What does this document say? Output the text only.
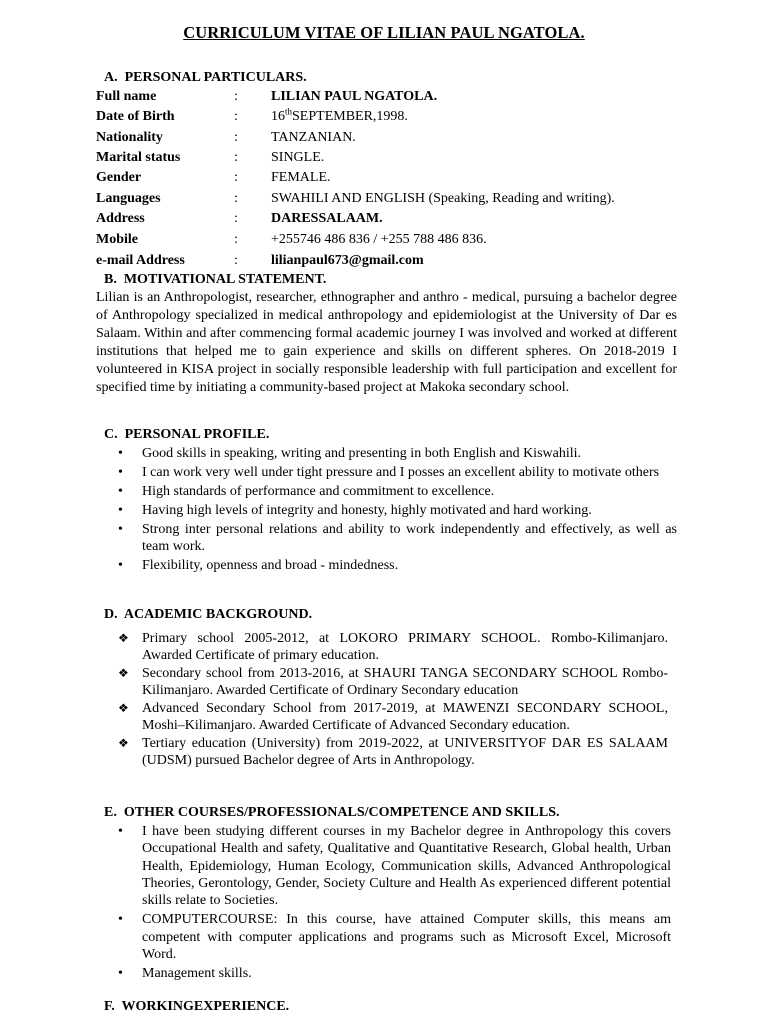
CURRICULUM VITAE OF LILIAN PAUL NGATOLA.
A. PERSONAL PARTICULARS.
Full name	: LILIAN PAUL NGATOLA.
Date of Birth	: 16thSEPTEMBER,1998.
Nationality	: TANZANIAN.
Marital status	: SINGLE.
Gender	: FEMALE.
Languages	: SWAHILI AND ENGLISH (Speaking, Reading and writing).
Address	: DARESSALAAM.
Mobile	: +255746 486 836 / +255 788 486 836.
e-mail Address	: lilianpaul673@gmail.com
B. MOTIVATIONAL STATEMENT.
Lilian is an Anthropologist, researcher, ethnographer and anthro - medical, pursuing a bachelor degree of Anthropology specialized in medical anthropology and epidemiologist at the University of Dar es Salaam. Within and after commencing formal academic journey I was involved and worked at different institutions that helped me to gain experience and skills on different spheres. On 2018-2019 I volunteered in KISA project in socially responsible leadership with full participation and excellent for specified time by initiating a community-based project at Makoka secondary school.
C. PERSONAL PROFILE.
• Good skills in speaking, writing and presenting in both English and Kiswahili.
• I can work very well under tight pressure and I posses an excellent ability to motivate others
• High standards of performance and commitment to excellence.
• Having high levels of integrity and honesty, highly motivated and hard working.
• Strong inter personal relations and ability to work independently and effectively, as well as team work.
• Flexibility, openness and broad - mindedness.
D. ACADEMIC BACKGROUND.
❖ Primary school 2005-2012, at LOKORO PRIMARY SCHOOL. Rombo-Kilimanjaro. Awarded Certificate of primary education.
❖ Secondary school from 2013-2016, at SHAURI TANGA SECONDARY SCHOOL Rombo-Kilimanjaro. Awarded Certificate of Ordinary Secondary education
❖ Advanced Secondary School from 2017-2019, at MAWENZI SECONDARY SCHOOL, Moshi–Kilimanjaro. Awarded Certificate of Advanced Secondary education.
❖ Tertiary education (University) from 2019-2022, at UNIVERSITYOF DAR ES SALAAM (UDSM) pursued Bachelor degree of Arts in Anthropology.
E. OTHER COURSES/PROFESSIONALS/COMPETENCE AND SKILLS.
• I have been studying different courses in my Bachelor degree in Anthropology this covers Occupational Health and safety, Qualitative and Quantitative Research, Global health, Urban Health, Epidemiology, Human Ecology, Communication skills, Advanced Anthropological Theories, Gerontology, Gender, Society Culture and Health As experienced different potential skills relate to Societies.
• COMPUTERCOURSE: In this course, have attained Computer skills, this means am competent with computer applications and programs such as Microsoft Excel, Microsoft Word.
• Management skills.
F. WORKINGEXPERIENCE.
